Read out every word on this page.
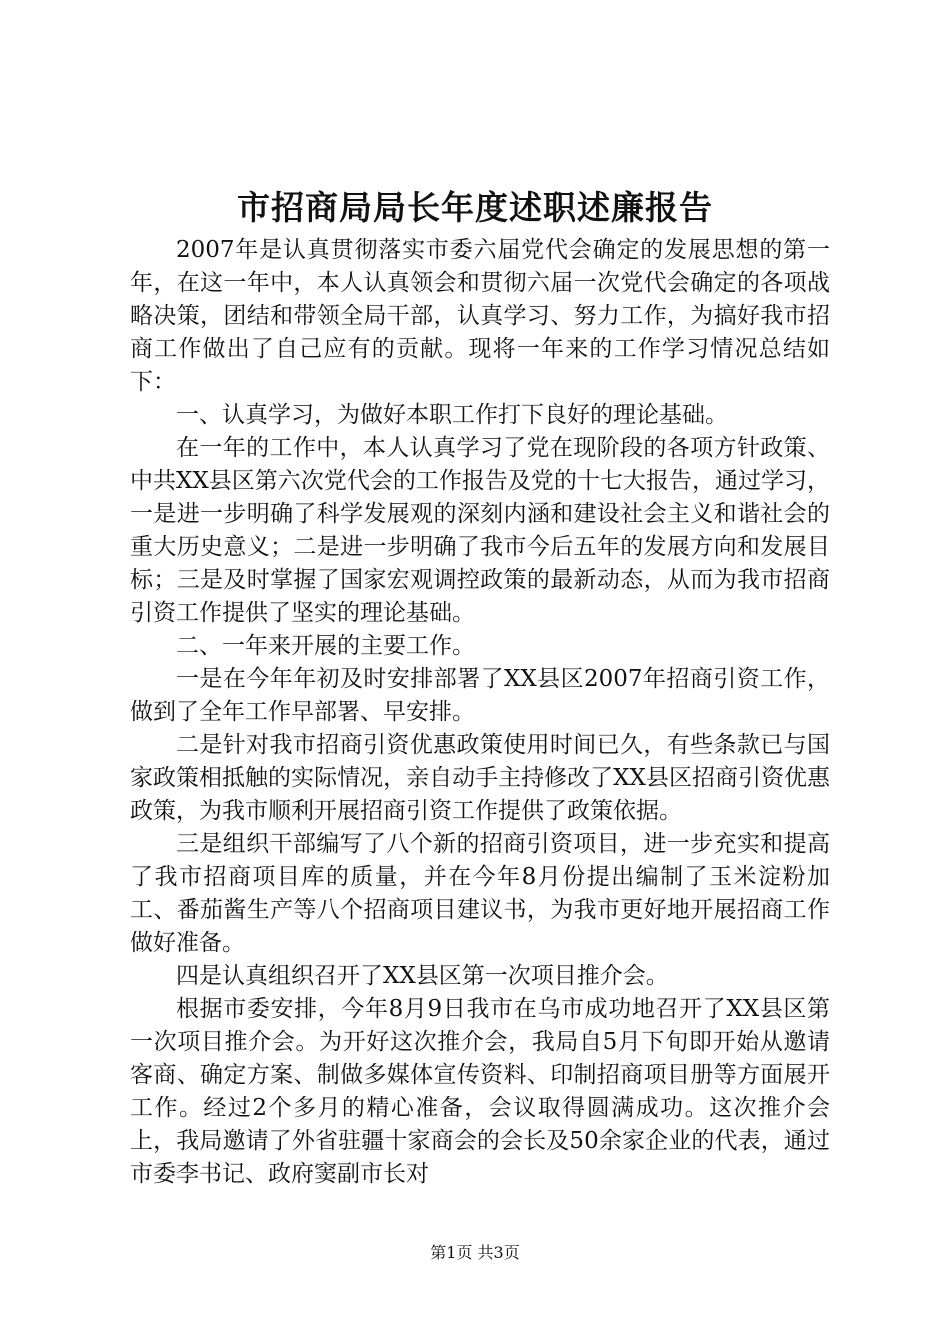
市招商局局长年度述职述廉报告

2007年是认真贯彻落实市委六届党代会确定的发展思想的第一年，在这一年中，本人认真领会和贯彻六届一次党代会确定的各项战略决策，团结和带领全局干部，认真学习、努力工作，为搞好我市招商工作做出了自己应有的贡献。现将一年来的工作学习情况总结如下：

一、认真学习，为做好本职工作打下良好的理论基础。

在一年的工作中，本人认真学习了党在现阶段的各项方针政策、中共XX县区第六次党代会的工作报告及党的十七大报告，通过学习，一是进一步明确了科学发展观的深刻内涵和建设社会主义和谐社会的重大历史意义；二是进一步明确了我市今后五年的发展方向和发展目标；三是及时掌握了国家宏观调控政策的最新动态，从而为我市招商引资工作提供了坚实的理论基础。

二、一年来开展的主要工作。

一是在今年年初及时安排部署了XX县区2007年招商引资工作，做到了全年工作早部署、早安排。

二是针对我市招商引资优惠政策使用时间已久，有些条款已与国家政策相抵触的实际情况，亲自动手主持修改了XX县区招商引资优惠政策，为我市顺利开展招商引资工作提供了政策依据。

三是组织干部编写了八个新的招商引资项目，进一步充实和提高了我市招商项目库的质量，并在今年8月份提出编制了玉米淀粉加工、番茄酱生产等八个招商项目建议书，为我市更好地开展招商工作做好准备。

四是认真组织召开了XX县区第一次项目推介会。

根据市委安排，今年8月9日我市在乌市成功地召开了XX县区第一次项目推介会。为开好这次推介会，我局自5月下旬即开始从邀请客商、确定方案、制做多媒体宣传资料、印制招商项目册等方面展开工作。经过2个多月的精心准备，会议取得圆满成功。这次推介会上，我局邀请了外省驻疆十家商会的会长及50余家企业的代表，通过市委李书记、政府窦副市长对

第1页 共3页
